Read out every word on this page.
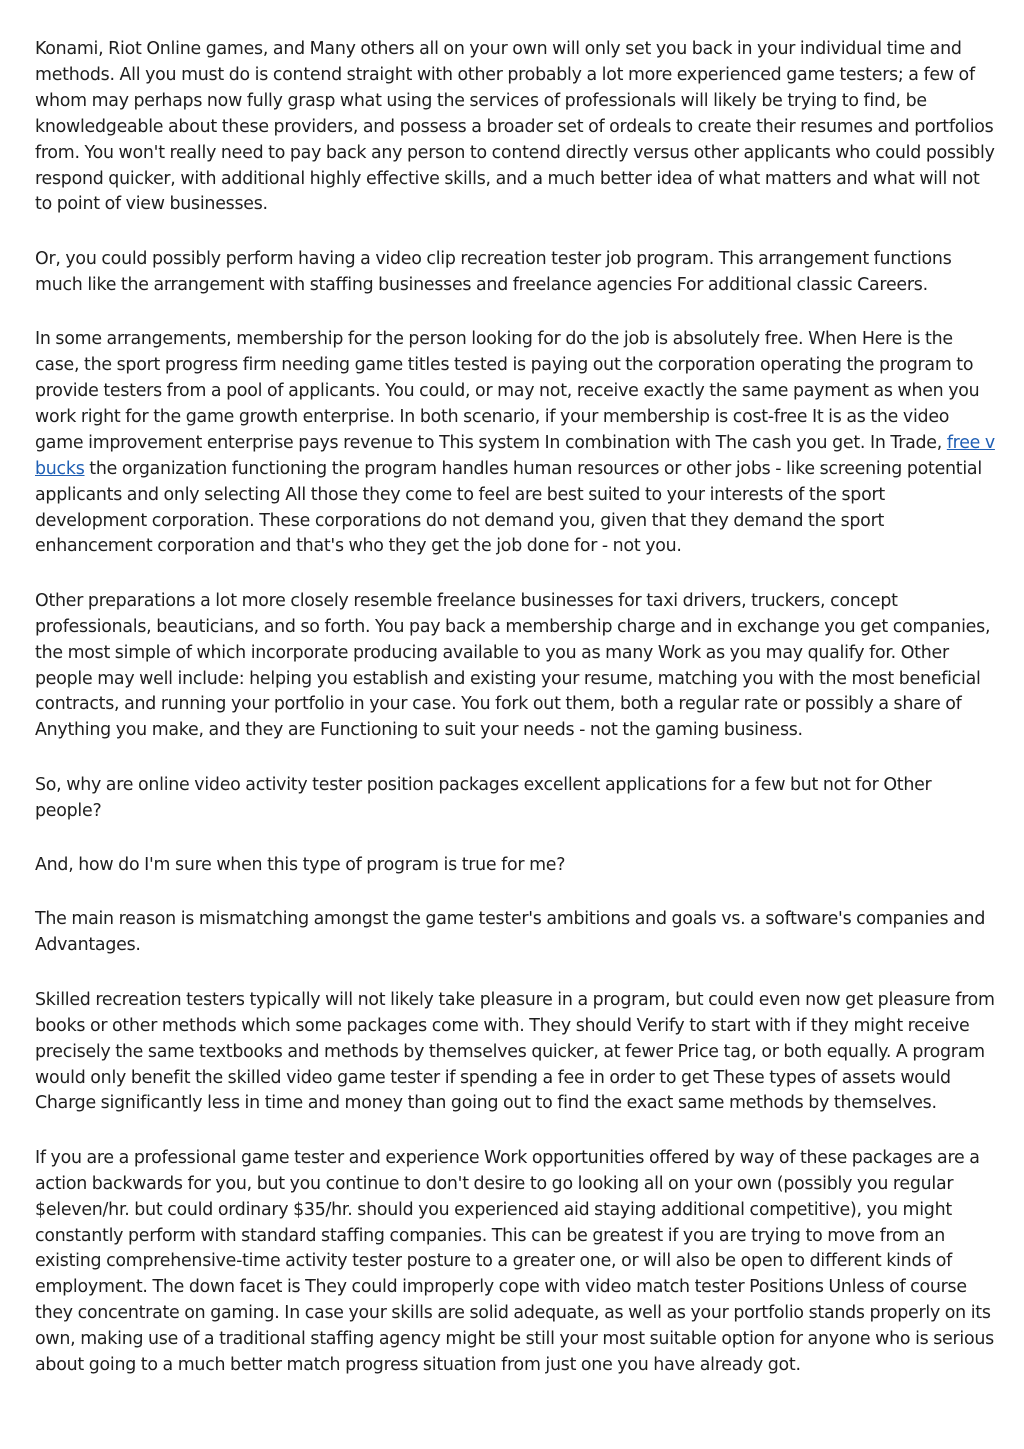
Konami, Riot Online games, and Many others all on your own will only set you back in your individual time and methods. All you must do is contend straight with other probably a lot more experienced game testers; a few of whom may perhaps now fully grasp what using the services of professionals will likely be trying to find, be knowledgeable about these providers, and possess a broader set of ordeals to create their resumes and portfolios from. You won't really need to pay back any person to contend directly versus other applicants who could possibly respond quicker, with additional highly effective skills, and a much better idea of what matters and what will not to point of view businesses.

Or, you could possibly perform having a video clip recreation tester job program. This arrangement functions much like the arrangement with staffing businesses and freelance agencies For additional classic Careers.

In some arrangements, membership for the person looking for do the job is absolutely free. When Here is the case, the sport progress firm needing game titles tested is paying out the corporation operating the program to provide testers from a pool of applicants. You could, or may not, receive exactly the same payment as when you work right for the game growth enterprise. In both scenario, if your membership is cost-free It is as the video game improvement enterprise pays revenue to This system In combination with The cash you get. In Trade, free v bucks the organization functioning the program handles human resources or other jobs - like screening potential applicants and only selecting All those they come to feel are best suited to your interests of the sport development corporation. These corporations do not demand you, given that they demand the sport enhancement corporation and that's who they get the job done for - not you.

Other preparations a lot more closely resemble freelance businesses for taxi drivers, truckers, concept professionals, beauticians, and so forth. You pay back a membership charge and in exchange you get companies, the most simple of which incorporate producing available to you as many Work as you may qualify for. Other people may well include: helping you establish and existing your resume, matching you with the most beneficial contracts, and running your portfolio in your case. You fork out them, both a regular rate or possibly a share of Anything you make, and they are Functioning to suit your needs - not the gaming business.

So, why are online video activity tester position packages excellent applications for a few but not for Other people?

And, how do I'm sure when this type of program is true for me?

The main reason is mismatching amongst the game tester's ambitions and goals vs. a software's companies and Advantages.

Skilled recreation testers typically will not likely take pleasure in a program, but could even now get pleasure from books or other methods which some packages come with. They should Verify to start with if they might receive precisely the same textbooks and methods by themselves quicker, at fewer Price tag, or both equally. A program would only benefit the skilled video game tester if spending a fee in order to get These types of assets would Charge significantly less in time and money than going out to find the exact same methods by themselves.

If you are a professional game tester and experience Work opportunities offered by way of these packages are a action backwards for you, but you continue to don't desire to go looking all on your own (possibly you regular $eleven/hr. but could ordinary $35/hr. should you experienced aid staying additional competitive), you might constantly perform with standard staffing companies. This can be greatest if you are trying to move from an existing comprehensive-time activity tester posture to a greater one, or will also be open to different kinds of employment. The down facet is They could improperly cope with video match tester Positions Unless of course they concentrate on gaming. In case your skills are solid adequate, as well as your portfolio stands properly on its own, making use of a traditional staffing agency might be still your most suitable option for anyone who is serious about going to a much better match progress situation from just one you have already got.
